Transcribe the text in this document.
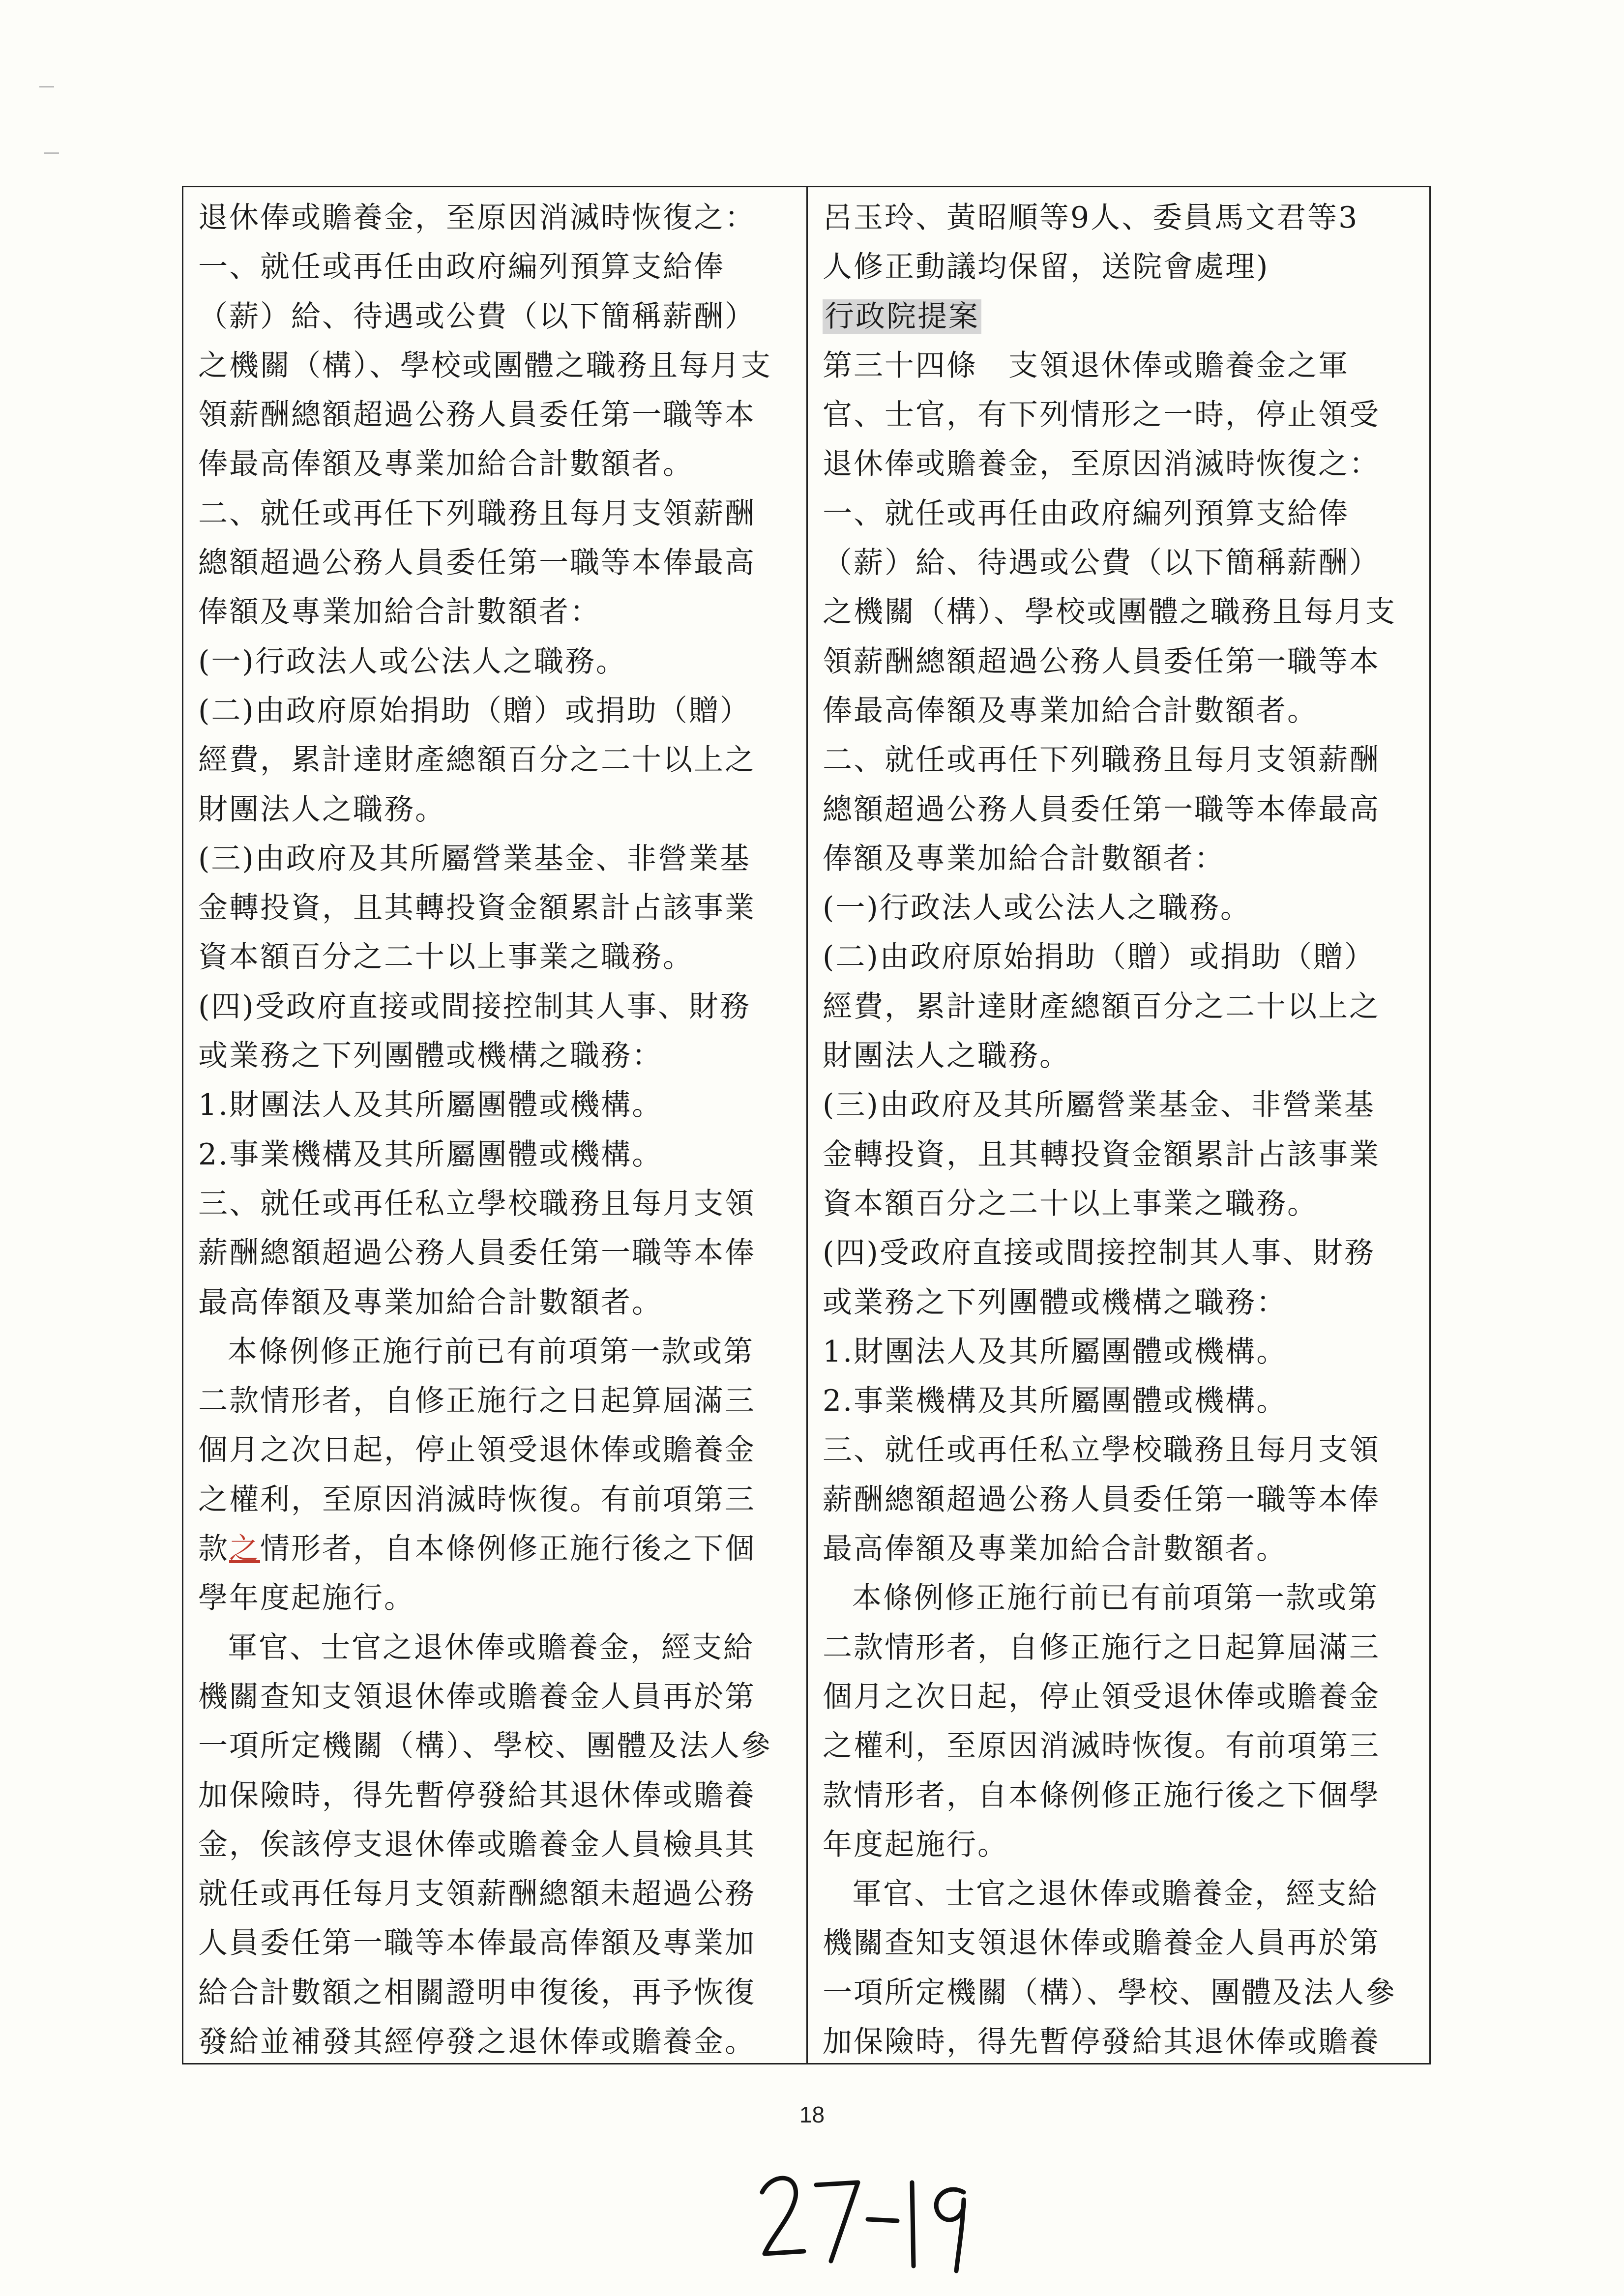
退休俸或贍養金，至原因消滅時恢復之：
一、就任或再任由政府編列預算支給俸
（薪）給、待遇或公費（以下簡稱薪酬）
之機關（構）、學校或團體之職務且每月支
領薪酬總額超過公務人員委任第一職等本
俸最高俸額及專業加給合計數額者。
二、就任或再任下列職務且每月支領薪酬
總額超過公務人員委任第一職等本俸最高
俸額及專業加給合計數額者：
(一)行政法人或公法人之職務。
(二)由政府原始捐助（贈）或捐助（贈）
經費，累計達財產總額百分之二十以上之
財團法人之職務。
(三)由政府及其所屬營業基金、非營業基
金轉投資，且其轉投資金額累計占該事業
資本額百分之二十以上事業之職務。
(四)受政府直接或間接控制其人事、財務
或業務之下列團體或機構之職務：
1.財團法人及其所屬團體或機構。
2.事業機構及其所屬團體或機構。
三、就任或再任私立學校職務且每月支領
薪酬總額超過公務人員委任第一職等本俸
最高俸額及專業加給合計數額者。
本條例修正施行前已有前項第一款或第
二款情形者，自修正施行之日起算屆滿三
個月之次日起，停止領受退休俸或贍養金
之權利，至原因消滅時恢復。有前項第三
款之情形者，自本條例修正施行後之下個
學年度起施行。
軍官、士官之退休俸或贍養金，經支給
機關查知支領退休俸或贍養金人員再於第
一項所定機關（構）、學校、團體及法人參
加保險時，得先暫停發給其退休俸或贍養
金，俟該停支退休俸或贍養金人員檢具其
就任或再任每月支領薪酬總額未超過公務
人員委任第一職等本俸最高俸額及專業加
給合計數額之相關證明申復後，再予恢復
發給並補發其經停發之退休俸或贍養金。
呂玉玲、黃昭順等9人、委員馬文君等3
人修正動議均保留，送院會處理)
行政院提案
第三十四條　支領退休俸或贍養金之軍
官、士官，有下列情形之一時，停止領受
退休俸或贍養金，至原因消滅時恢復之：
一、就任或再任由政府編列預算支給俸
（薪）給、待遇或公費（以下簡稱薪酬）
之機關（構）、學校或團體之職務且每月支
領薪酬總額超過公務人員委任第一職等本
俸最高俸額及專業加給合計數額者。
二、就任或再任下列職務且每月支領薪酬
總額超過公務人員委任第一職等本俸最高
俸額及專業加給合計數額者：
(一)行政法人或公法人之職務。
(二)由政府原始捐助（贈）或捐助（贈）
經費，累計達財產總額百分之二十以上之
財團法人之職務。
(三)由政府及其所屬營業基金、非營業基
金轉投資，且其轉投資金額累計占該事業
資本額百分之二十以上事業之職務。
(四)受政府直接或間接控制其人事、財務
或業務之下列團體或機構之職務：
1.財團法人及其所屬團體或機構。
2.事業機構及其所屬團體或機構。
三、就任或再任私立學校職務且每月支領
薪酬總額超過公務人員委任第一職等本俸
最高俸額及專業加給合計數額者。
本條例修正施行前已有前項第一款或第
二款情形者，自修正施行之日起算屆滿三
個月之次日起，停止領受退休俸或贍養金
之權利，至原因消滅時恢復。有前項第三
款情形者，自本條例修正施行後之下個學
年度起施行。
軍官、士官之退休俸或贍養金，經支給
機關查知支領退休俸或贍養金人員再於第
一項所定機關（構）、學校、團體及法人參
加保險時，得先暫停發給其退休俸或贍養
18
